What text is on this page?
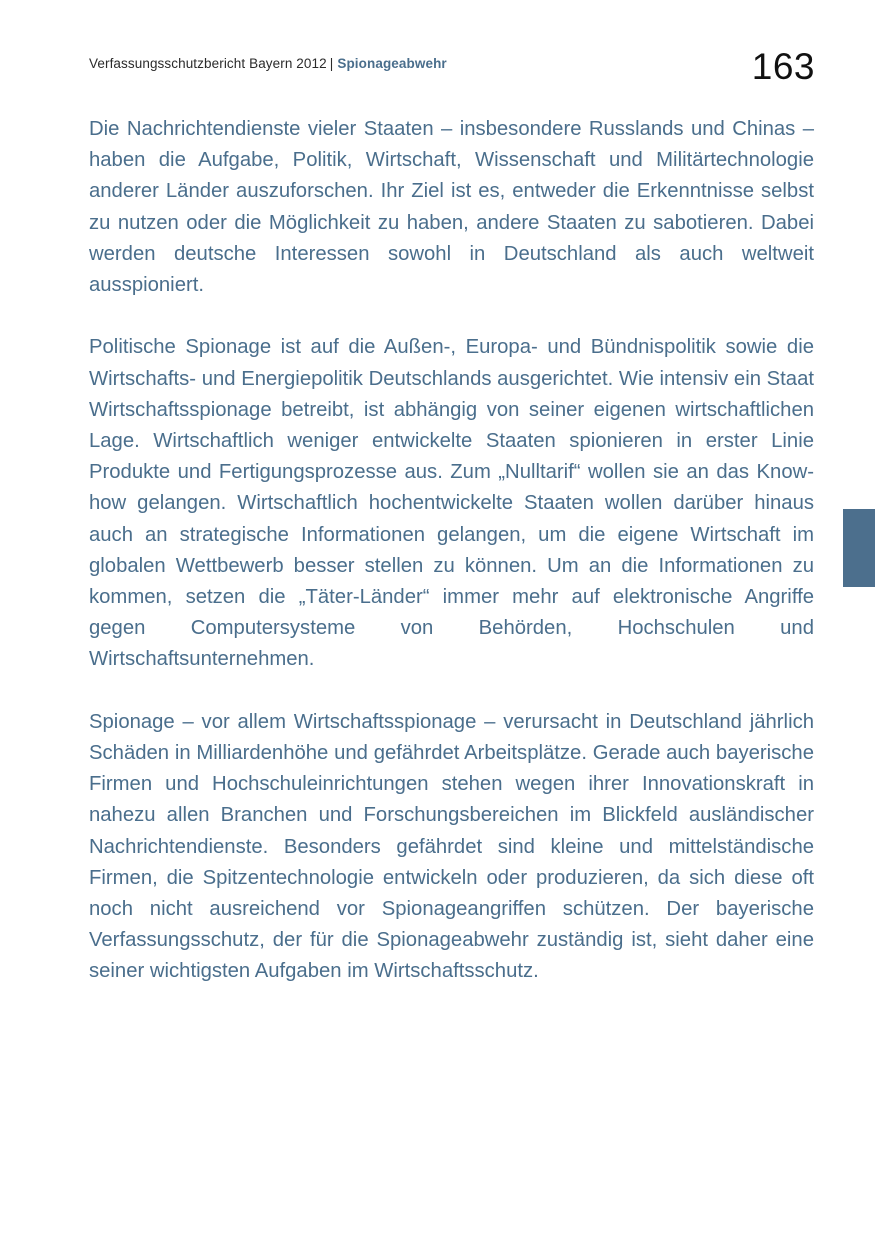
Verfassungsschutzbericht Bayern 2012 | Spionageabwehr	163

Die Nachrichtendienste vieler Staaten – insbesondere Russlands und Chinas – haben die Aufgabe, Politik, Wirtschaft, Wissenschaft und Militärtechnologie anderer Länder auszuforschen. Ihr Ziel ist es, entweder die Erkenntnisse selbst zu nutzen oder die Möglichkeit zu haben, andere Staaten zu sabotieren. Dabei werden deutsche Interessen sowohl in Deutschland als auch weltweit ausspioniert.

Politische Spionage ist auf die Außen-, Europa- und Bündnispolitik sowie die Wirtschafts- und Energiepolitik Deutschlands ausgerichtet. Wie intensiv ein Staat Wirtschaftsspionage betreibt, ist abhängig von seiner eigenen wirtschaftlichen Lage. Wirtschaftlich weniger entwickelte Staaten spionieren in erster Linie Produkte und Fertigungsprozesse aus. Zum „Nulltarif“ wollen sie an das Know-how gelangen. Wirtschaftlich hochentwickelte Staaten wollen darüber hinaus auch an strategische Informationen gelangen, um die eigene Wirtschaft im globalen Wettbewerb besser stellen zu können. Um an die Informationen zu kommen, setzen die „Täter-Länder“ immer mehr auf elektronische Angriffe gegen Computersysteme von Behörden, Hochschulen und Wirtschaftsunternehmen.

Spionage – vor allem Wirtschaftsspionage – verursacht in Deutschland jährlich Schäden in Milliardenhöhe und gefährdet Arbeitsplätze. Gerade auch bayerische Firmen und Hochschuleinrichtungen stehen wegen ihrer Innovationskraft in nahezu allen Branchen und Forschungsbereichen im Blickfeld ausländischer Nachrichtendienste. Besonders gefährdet sind kleine und mittelständische Firmen, die Spitzentechnologie entwickeln oder produzieren, da sich diese oft noch nicht ausreichend vor Spionageangriffen schützen. Der bayerische Verfassungsschutz, der für die Spionageabwehr zuständig ist, sieht daher eine seiner wichtigsten Aufgaben im Wirtschaftsschutz.
